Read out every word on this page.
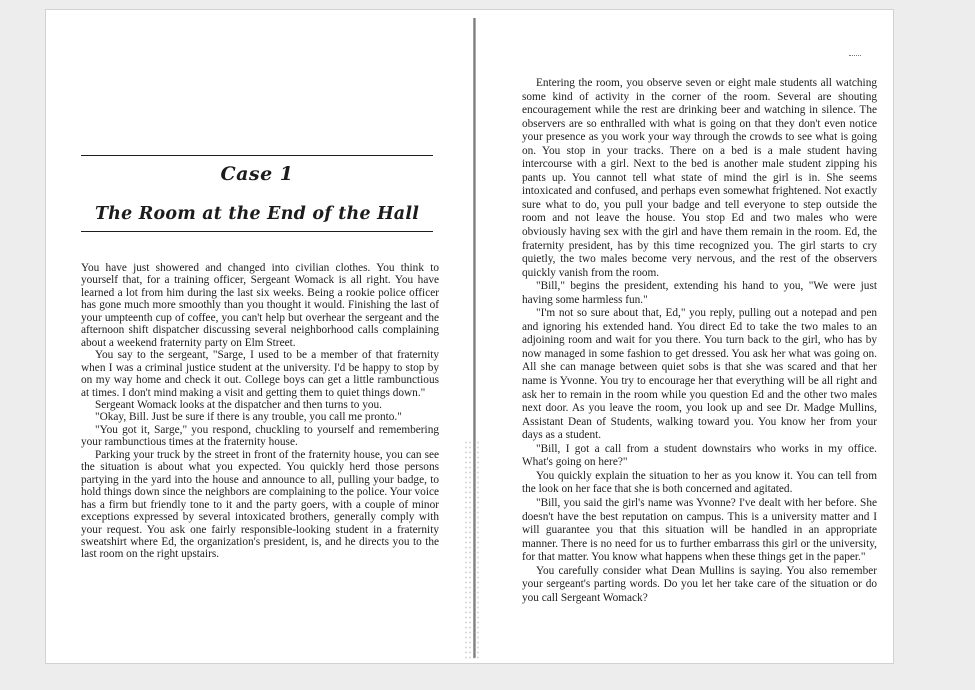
Case 1
The Room at the End of the Hall

You have just showered and changed into civilian clothes. You think to yourself that, for a training officer, Sergeant Womack is all right. You have learned a lot from him during the last six weeks. Being a rookie police officer has gone much more smoothly than you thought it would. Finishing the last of your umpteenth cup of coffee, you can't help but overhear the sergeant and the afternoon shift dispatcher discussing several neighborhood calls complaining about a weekend fraternity party on Elm Street.

You say to the sergeant, "Sarge, I used to be a member of that fraternity when I was a criminal justice student at the university. I'd be happy to stop by on my way home and check it out. College boys can get a little rambunctious at times. I don't mind making a visit and getting them to quiet things down."

Sergeant Womack looks at the dispatcher and then turns to you.

"Okay, Bill. Just be sure if there is any trouble, you call me pronto."

"You got it, Sarge," you respond, chuckling to yourself and remembering your rambunctious times at the fraternity house.

Parking your truck by the street in front of the fraternity house, you can see the situation is about what you expected. You quickly herd those persons partying in the yard into the house and announce to all, pulling your badge, to hold things down since the neighbors are complaining to the police. Your voice has a firm but friendly tone to it and the party goers, with a couple of minor exceptions expressed by several intoxicated brothers, generally comply with your request. You ask one fairly responsible-looking student in a fraternity sweatshirt where Ed, the organization's president, is, and he directs you to the last room on the right upstairs.

Entering the room, you observe seven or eight male students all watching some kind of activity in the corner of the room. Several are shouting encouragement while the rest are drinking beer and watching in silence. The observers are so enthralled with what is going on that they don't even notice your presence as you work your way through the crowds to see what is going on. You stop in your tracks. There on a bed is a male student having intercourse with a girl. Next to the bed is another male student zipping his pants up. You cannot tell what state of mind the girl is in. She seems intoxicated and confused, and perhaps even somewhat frightened. Not exactly sure what to do, you pull your badge and tell everyone to step outside the room and not leave the house. You stop Ed and two males who were obviously having sex with the girl and have them remain in the room. Ed, the fraternity president, has by this time recognized you. The girl starts to cry quietly, the two males become very nervous, and the rest of the observers quickly vanish from the room.

"Bill," begins the president, extending his hand to you, "We were just having some harmless fun."

"I'm not so sure about that, Ed," you reply, pulling out a notepad and pen and ignoring his extended hand. You direct Ed to take the two males to an adjoining room and wait for you there. You turn back to the girl, who has by now managed in some fashion to get dressed. You ask her what was going on. All she can manage between quiet sobs is that she was scared and that her name is Yvonne. You try to encourage her that everything will be all right and ask her to remain in the room while you question Ed and the other two males next door. As you leave the room, you look up and see Dr. Madge Mullins, Assistant Dean of Students, walking toward you. You know her from your days as a student.

"Bill, I got a call from a student downstairs who works in my office. What's going on here?"

You quickly explain the situation to her as you know it. You can tell from the look on her face that she is both concerned and agitated.

"Bill, you said the girl's name was Yvonne? I've dealt with her before. She doesn't have the best reputation on campus. This is a university matter and I will guarantee you that this situation will be handled in an appropriate manner. There is no need for us to further embarrass this girl or the university, for that matter. You know what happens when these things get in the paper."

You carefully consider what Dean Mullins is saying. You also remember your sergeant's parting words. Do you let her take care of the situation or do you call Sergeant Womack?
